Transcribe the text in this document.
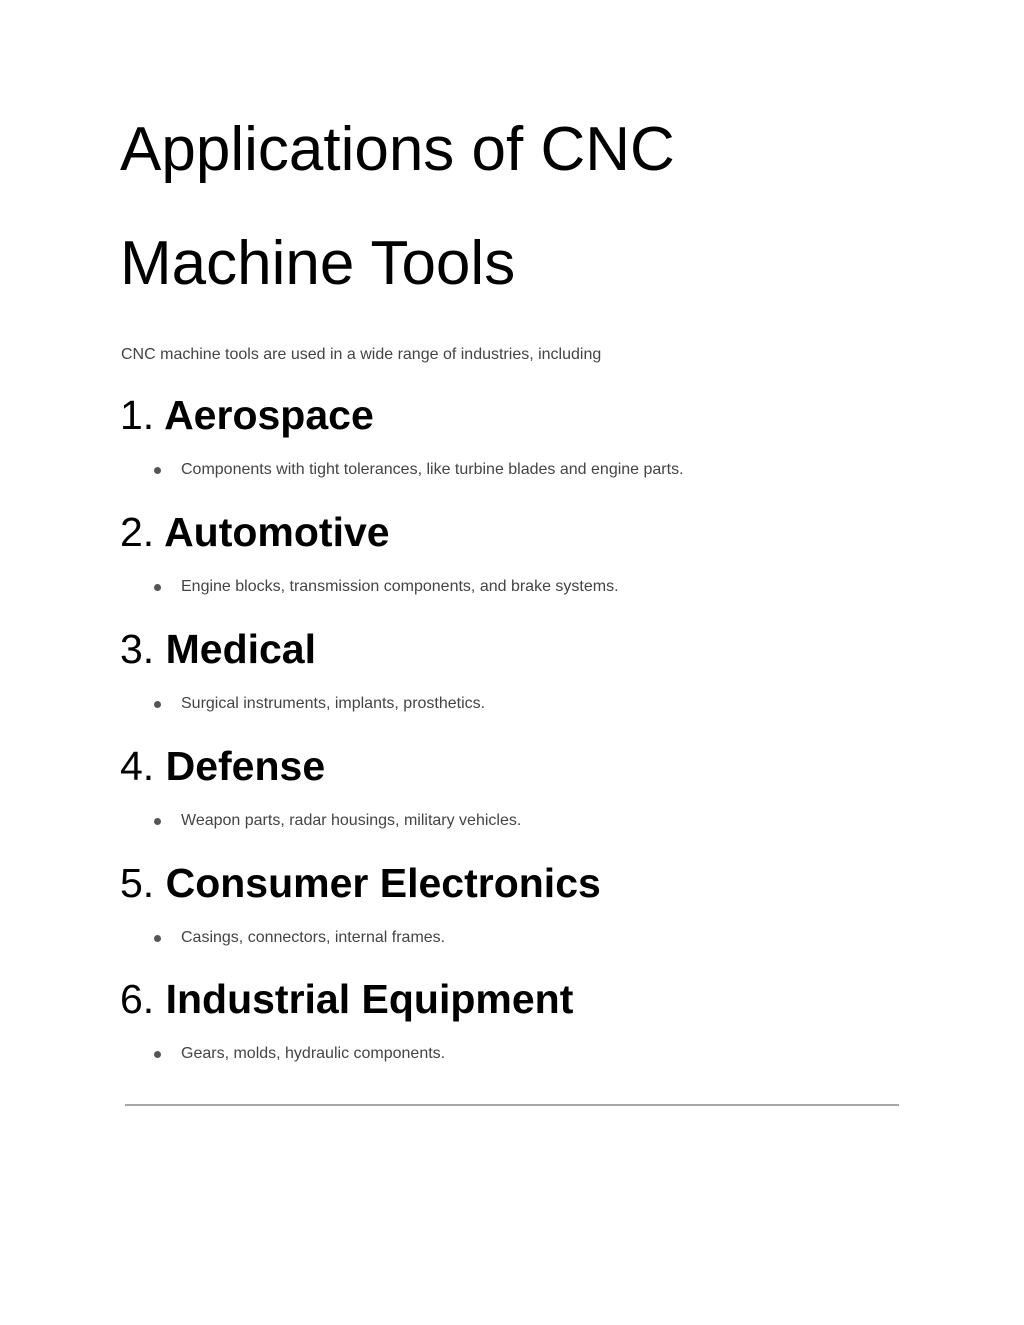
Applications of CNC
Machine Tools

CNC machine tools are used in a wide range of industries, including

1. Aerospace
Components with tight tolerances, like turbine blades and engine parts.
2. Automotive
Engine blocks, transmission components, and brake systems.
3. Medical
Surgical instruments, implants, prosthetics.
4. Defense
Weapon parts, radar housings, military vehicles.
5. Consumer Electronics
Casings, connectors, internal frames.
6. Industrial Equipment
Gears, molds, hydraulic components.
